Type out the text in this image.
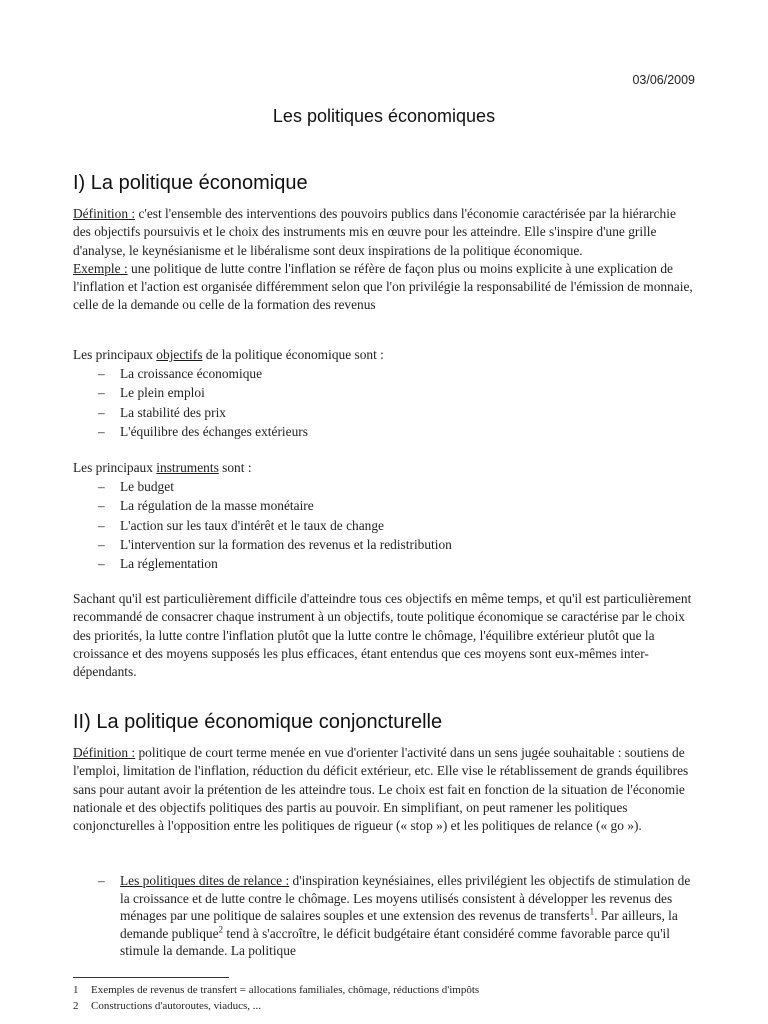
03/06/2009
Les politiques économiques
I) La politique économique

Définition : c'est l'ensemble des interventions des pouvoirs publics dans l'économie caractérisée par la hiérarchie des objectifs poursuivis et le choix des instruments mis en œuvre pour les atteindre. Elle s'inspire d'une grille d'analyse, le keynésianisme et le libéralisme sont deux inspirations de la politique économique.
Exemple : une politique de lutte contre l'inflation se réfère de façon plus ou moins explicite à une explication de l'inflation et l'action est organisée différemment selon que l'on privilégie la responsabilité de l'émission de monnaie, celle de la demande ou celle de la formation des revenus

Les principaux objectifs de la politique économique sont :

– La croissance économique
– Le plein emploi
– La stabilité des prix
– L'équilibre des échanges extérieurs

Les principaux instruments sont :

– Le budget
– La régulation de la masse monétaire
– L'action sur les taux d'intérêt et le taux de change
– L'intervention sur la formation des revenus et la redistribution
– La réglementation

Sachant qu'il est particulièrement difficile d'atteindre tous ces objectifs en même temps, et qu'il est particulièrement recommandé de consacrer chaque instrument à un objectifs, toute politique économique se caractérise par le choix des priorités, la lutte contre l'inflation plutôt que la lutte contre le chômage, l'équilibre extérieur plutôt que la croissance et des moyens supposés les plus efficaces, étant entendus que ces moyens sont eux-mêmes inter-dépendants.

II) La politique économique conjoncturelle

Définition : politique de court terme menée en vue d'orienter l'activité dans un sens jugée souhaitable : soutiens de l'emploi, limitation de l'inflation, réduction du déficit extérieur, etc. Elle vise le rétablissement de grands équilibres sans pour autant avoir la prétention de les atteindre tous. Le choix est fait en fonction de la situation de l'économie nationale et des objectifs politiques des partis au pouvoir. En simplifiant, on peut ramener les politiques conjoncturelles à l'opposition entre les politiques de rigueur (« stop ») et les politiques de relance (« go »).

– Les politiques dites de relance : d'inspiration keynésiaines, elles privilégient les objectifs de stimulation de la croissance et de lutte contre le chômage. Les moyens utilisés consistent à développer les revenus des ménages par une politique de salaires souples et une extension des revenus de transferts$^1$. Par ailleurs, la demande publique$^2$ tend à s'accroître, le déficit budgétaire étant considéré comme favorable parce qu'il stimule la demande. La politique
1 Exemples de revenus de transfert = allocations familiales, chômage, réductions d'impôts
2 Constructions d'autoroutes, viaducs, ...
